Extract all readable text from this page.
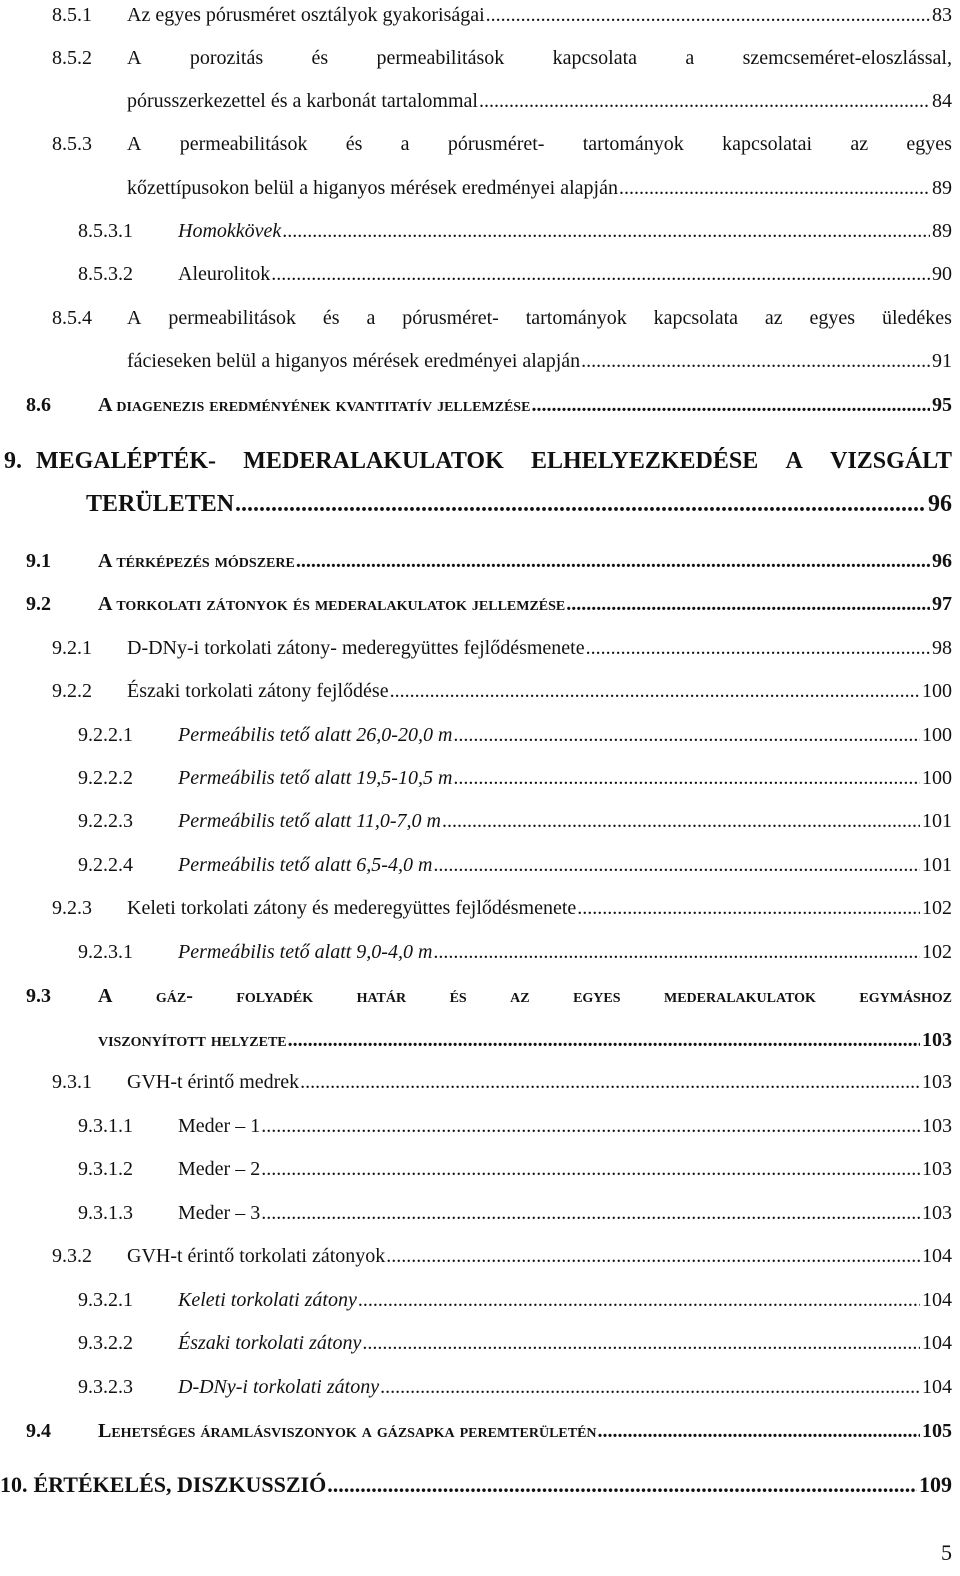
8.5.1	Az egyes pórusméret osztályok gyakoriságai .....	83
8.5.2	A porozitás és permeabilitások kapcsolata a szemcseméret-eloszlással,
pórusszerkezettel és a karbonát tartalommal .....	84
8.5.3	A permeabilitások és a pórusméret- tartományok kapcsolatai az egyes
kőzettípusokon belül a higanyos mérések eredményei alapján .....	89
8.5.3.1	Homokkövek .....	89
8.5.3.2	Aleurolitok .....	90
8.5.4	A permeabilitások és a pórusméret- tartományok kapcsolata az egyes üledékes
fácieseken belül a higanyos mérések eredményei alapján .....	91
8.6	A diagenezis eredményének kvantitatív jellemzése .....	95
9. MEGALÉPTÉK- MEDERALAKULATOK ELHELYEZKEDÉSE A VIZSGÁLT
TERÜLETEN .....	96
9.1	A térképezés módszere .....	96
9.2	A torkolati zátonyok és mederalakulatok jellemzése .....	97
9.2.1	D-DNy-i torkolati zátony- mederegyüttes fejlődésmenete .....	98
9.2.2	Északi torkolati zátony fejlődése .....	100
9.2.2.1	Permeábilis tető alatt 26,0-20,0 m .....	100
9.2.2.2	Permeábilis tető alatt 19,5-10,5 m .....	100
9.2.2.3	Permeábilis tető alatt 11,0-7,0 m .....	101
9.2.2.4	Permeábilis tető alatt 6,5-4,0 m .....	101
9.2.3	Keleti torkolati zátony és mederegyüttes fejlődésmenete .....	102
9.2.3.1	Permeábilis tető alatt 9,0-4,0 m .....	102
9.3	A gáz- folyadék határ és az egyes mederalakulatok egymáshoz
viszonyított helyzete .....	103
9.3.1	GVH-t érintő medrek .....	103
9.3.1.1	Meder – 1 .....	103
9.3.1.2	Meder – 2 .....	103
9.3.1.3	Meder – 3 .....	103
9.3.2	GVH-t érintő torkolati zátonyok .....	104
9.3.2.1	Keleti torkolati zátony .....	104
9.3.2.2	Északi torkolati zátony .....	104
9.3.2.3	D-DNy-i torkolati zátony .....	104
9.4	Lehetséges áramlásviszonyok a gázsapka peremterületén .....	105
10. ÉRTÉKELÉS, DISZKUSSZIÓ .....	109
5
